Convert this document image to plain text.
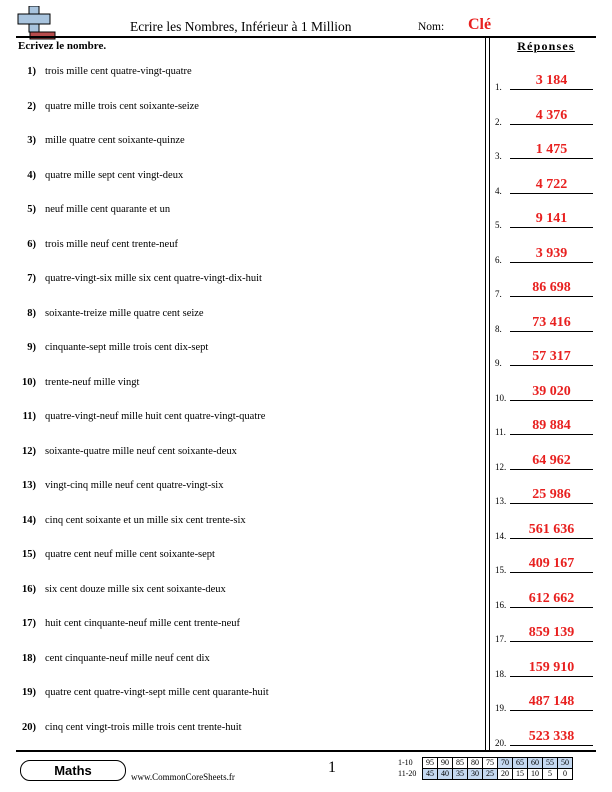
Ecrire les Nombres, Inférieur à 1 Million	Nom: Clé
Ecrivez le nombre.	Réponses
1) trois mille cent quatre-vingt-quatre
2) quatre mille trois cent soixante-seize
3) mille quatre cent soixante-quinze
4) quatre mille sept cent vingt-deux
5) neuf mille cent quarante et un
6) trois mille neuf cent trente-neuf
7) quatre-vingt-six mille six cent quatre-vingt-dix-huit
8) soixante-treize mille quatre cent seize
9) cinquante-sept mille trois cent dix-sept
10) trente-neuf mille vingt
11) quatre-vingt-neuf mille huit cent quatre-vingt-quatre
12) soixante-quatre mille neuf cent soixante-deux
13) vingt-cinq mille neuf cent quatre-vingt-six
14) cinq cent soixante et un mille six cent trente-six
15) quatre cent neuf mille cent soixante-sept
16) six cent douze mille six cent soixante-deux
17) huit cent cinquante-neuf mille cent trente-neuf
18) cent cinquante-neuf mille neuf cent dix
19) quatre cent quatre-vingt-sept mille cent quarante-huit
20) cinq cent vingt-trois mille trois cent trente-huit
1.	3 184
2.	4 376
3.	1 475
4.	4 722
5.	9 141
6.	3 939
7.	86 698
8.	73 416
9.	57 317
10.	39 020
11.	89 884
12.	64 962
13.	25 986
14.	561 636
15.	409 167
16.	612 662
17.	859 139
18.	159 910
19.	487 148
20.	523 338
Maths	www.CommonCoreSheets.fr
1	1-10	95	90	85	80	75	70	65	60	55	50
11-20	45	40	35	30	25	20	15	10	5	0
